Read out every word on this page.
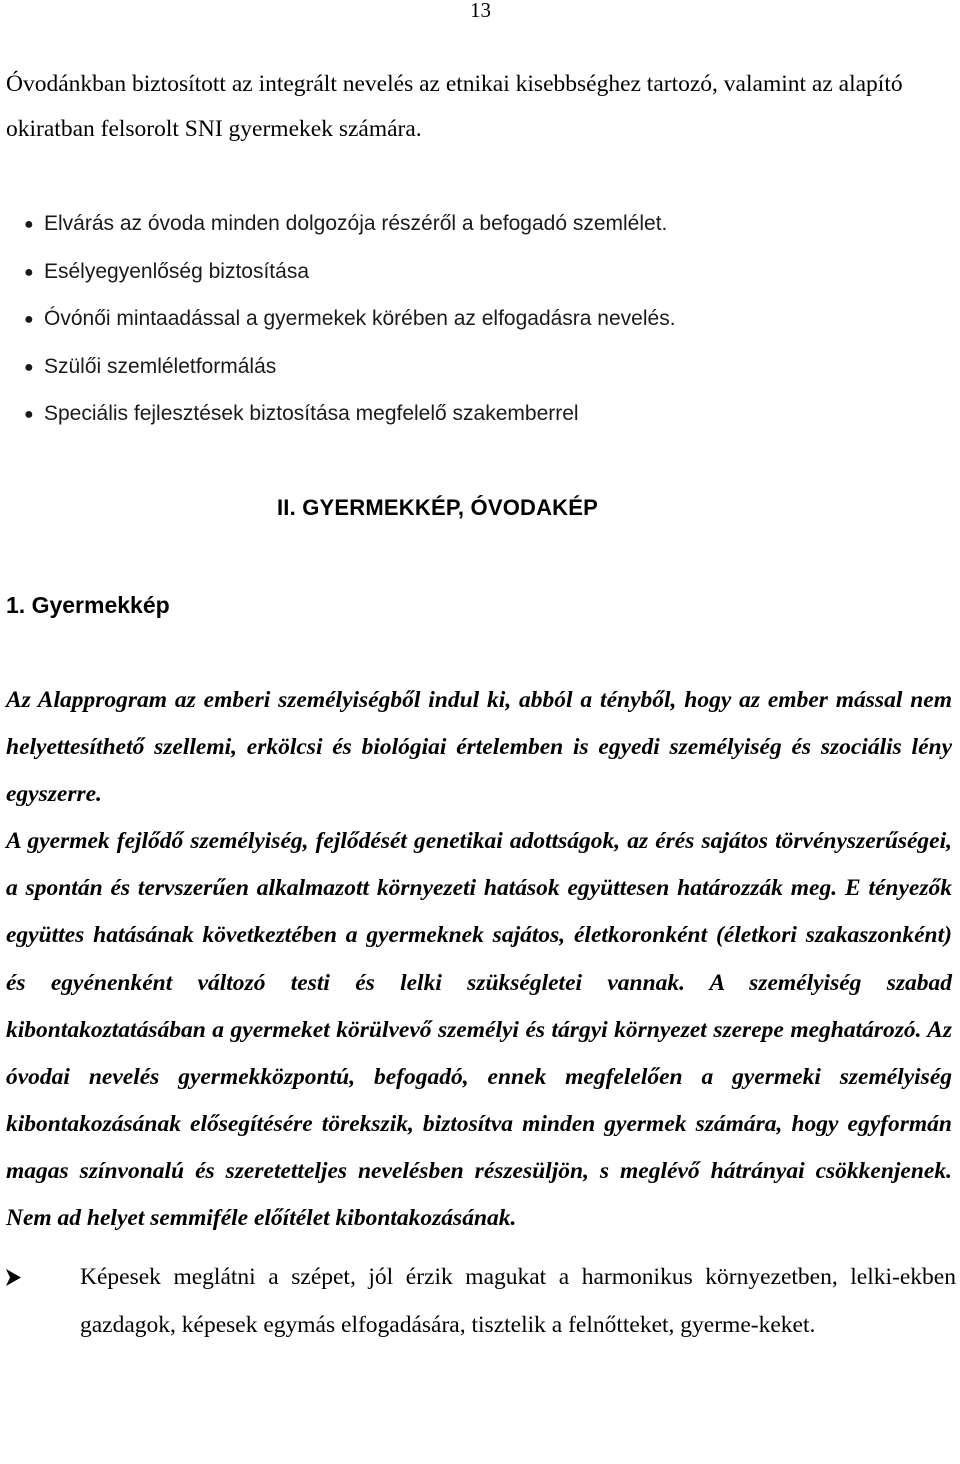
13
Óvodánkban biztosított az integrált nevelés az etnikai kisebbséghez tartozó, valamint az alapító okiratban felsorolt SNI gyermekek számára.
● Elvárás az óvoda minden dolgozója részéről a befogadó szemlélet.
● Esélyegyenlőség biztosítása
● Óvónői mintaadással a gyermekek körében az elfogadásra nevelés.
● Szülői szemléletformálás
● Speciális fejlesztések biztosítása megfelelő szakemberrel
II. GYERMEKKÉP, ÓVODAKÉP
1. Gyermekkép
Az Alapprogram az emberi személyiségből indul ki, abból a tényből, hogy az ember mással nem helyettesíthető szellemi, erkölcsi és biológiai értelemben is egyedi személyiség és szociális lény egyszerre.
A gyermek fejlődő személyiség, fejlődését genetikai adottságok, az érés sajátos törvényszerűségei, a spontán és tervszerűen alkalmazott környezeti hatások együttesen határozzák meg. E tényezők együttes hatásának következtében a gyermeknek sajátos, életkoronként (életkori szakaszonként) és egyénenként változó testi és lelki szükségletei vannak. A személyiség szabad kibontakoztatásában a gyermeket körülvevő személyi és tárgyi környezet szerepe meghatározó. Az óvodai nevelés gyermekközpontú, befogadó, ennek megfelelően a gyermeki személyiség kibontakozásának elősegítésére törekszik, biztosítva minden gyermek számára, hogy egyformán magas színvonalú és szeretetteljes nevelésben részesüljön, s meglévő hátrányai csökkenjenek. Nem ad helyet semmiféle előítélet kibontakozásának.
Képesek meglátni a szépet, jól érzik magukat a harmonikus környezetben, lelki-ekben gazdagok, képesek egymás elfogadására, tisztelik a felnőtteket, gyerme-keket.
